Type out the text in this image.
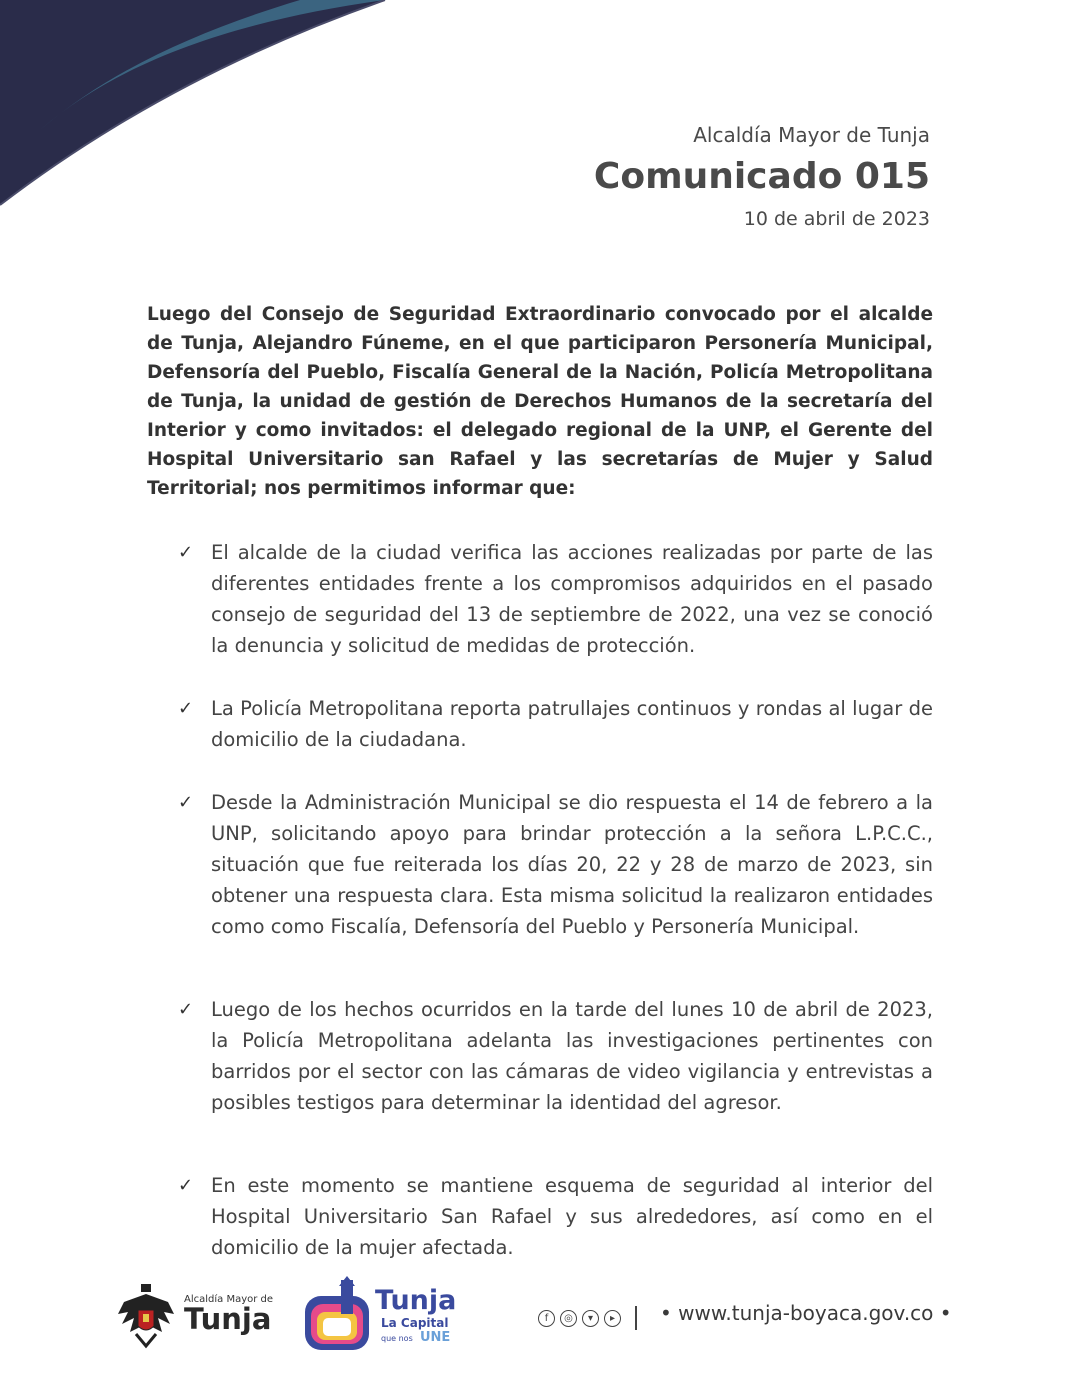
Alcaldía Mayor de Tunja
Comunicado 015
10 de abril de 2023
Luego del Consejo de Seguridad Extraordinario convocado por el alcalde de Tunja, Alejandro Fúneme, en el que participaron Personería Municipal, Defensoría del Pueblo, Fiscalía General de la Nación, Policía Metropolitana de Tunja, la unidad de gestión de Derechos Humanos de la secretaría del Interior y como invitados: el delegado regional de la UNP, el Gerente del Hospital Universitario san Rafael y las secretarías de Mujer y Salud Territorial; nos permitimos informar que:
✓ El alcalde de la ciudad verifica las acciones realizadas por parte de las diferentes entidades frente a los compromisos adquiridos en el pasado consejo de seguridad del 13 de septiembre de 2022, una vez se conoció la denuncia y solicitud de medidas de protección.
✓ La Policía Metropolitana reporta patrullajes continuos y rondas al lugar de domicilio de la ciudadana.
✓ Desde la Administración Municipal se dio respuesta el 14 de febrero a la UNP, solicitando apoyo para brindar protección a la señora L.P.C.C., situación que fue reiterada los días 20, 22 y 28 de marzo de 2023, sin obtener una respuesta clara. Esta misma solicitud la realizaron entidades como como Fiscalía, Defensoría del Pueblo y Personería Municipal.
✓ Luego de los hechos ocurridos en la tarde del lunes 10 de abril de 2023, la Policía Metropolitana adelanta las investigaciones pertinentes con barridos por el sector con las cámaras de video vigilancia y entrevistas a posibles testigos para determinar la identidad del agresor.
✓ En este momento se mantiene esquema de seguridad al interior del Hospital Universitario San Rafael y sus alrededores, así como en el domicilio de la mujer afectada.
Alcaldía Mayor de
Tunja
Tunja
La Capital
que nos UNE
f	◎	▾	▸ • www.tunja-boyaca.gov.co •
